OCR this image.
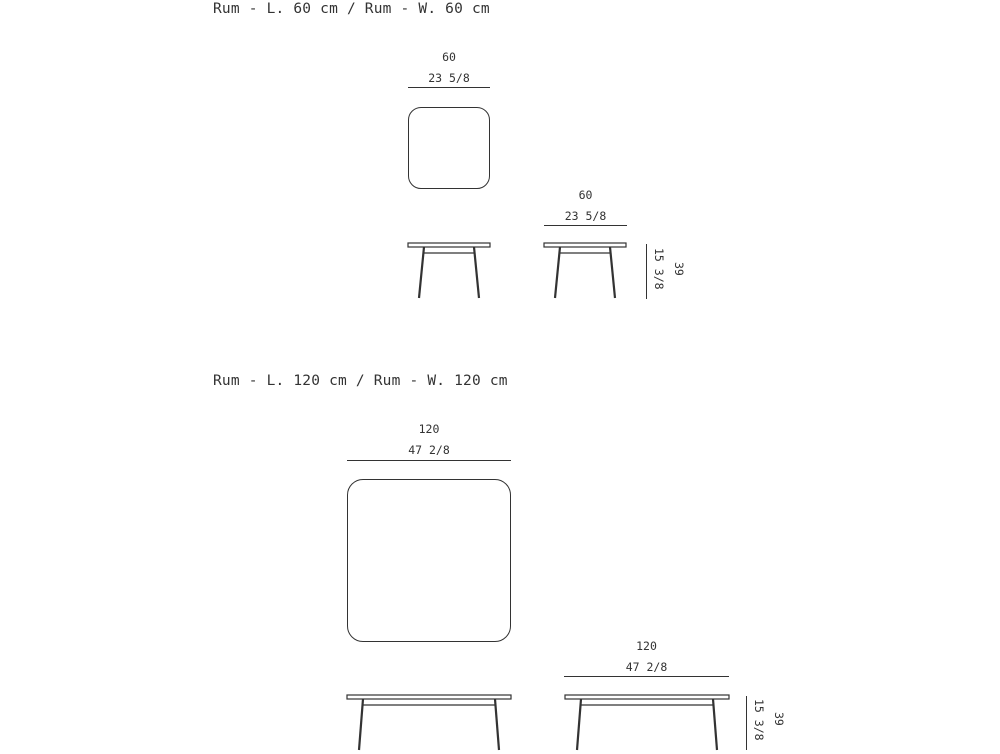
Rum - L. 60 cm / Rum - W. 60 cm
60
23 5/8
60
23 5/8
15 3/8 39
Rum - L. 120 cm / Rum - W. 120 cm
120
47 2/8
120
47 2/8
15 3/8 39
